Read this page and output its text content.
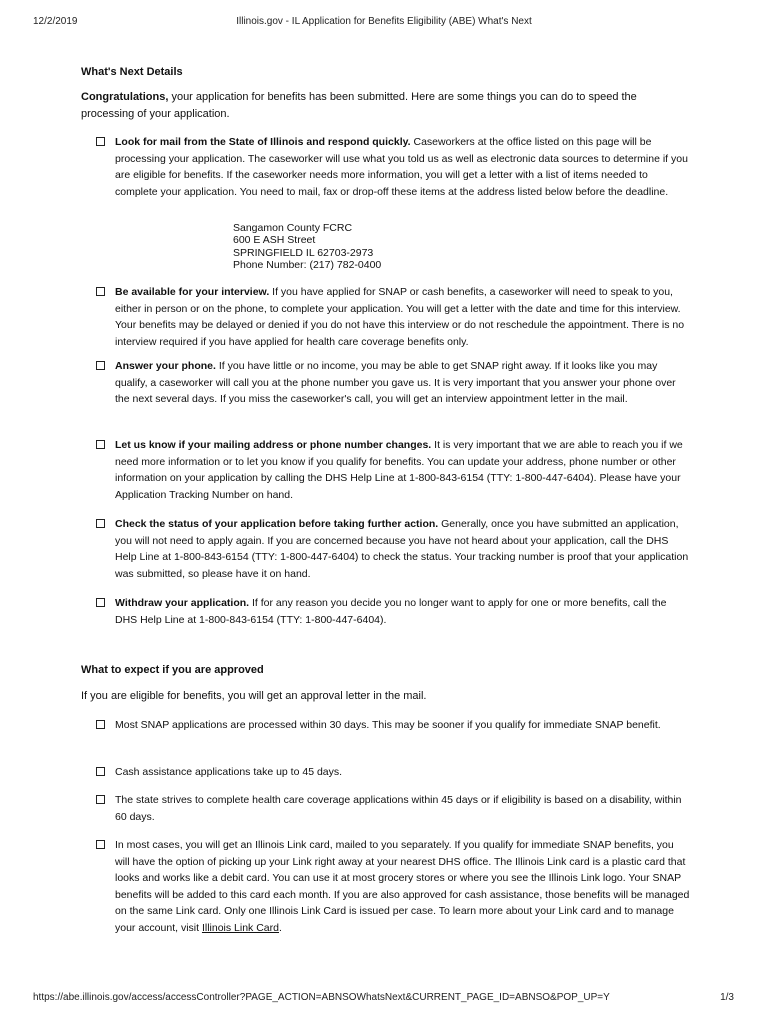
12/2/2019	Illinois.gov - IL Application for Benefits Eligibility (ABE) What's Next
What's Next Details
Congratulations, your application for benefits has been submitted. Here are some things you can do to speed the processing of your application.
Look for mail from the State of Illinois and respond quickly. Caseworkers at the office listed on this page will be processing your application. The caseworker will use what you told us as well as electronic data sources to determine if you are eligible for benefits. If the caseworker needs more information, you will get a letter with a list of items needed to complete your application. You need to mail, fax or drop-off these items at the address listed below before the deadline.
Sangamon County FCRC
600 E ASH Street
SPRINGFIELD IL 62703-2973
Phone Number: (217) 782-0400
Be available for your interview. If you have applied for SNAP or cash benefits, a caseworker will need to speak to you, either in person or on the phone, to complete your application. You will get a letter with the date and time for this interview. Your benefits may be delayed or denied if you do not have this interview or do not reschedule the appointment. There is no interview required if you have applied for health care coverage benefits only.
Answer your phone. If you have little or no income, you may be able to get SNAP right away. If it looks like you may qualify, a caseworker will call you at the phone number you gave us. It is very important that you answer your phone over the next several days. If you miss the caseworker's call, you will get an interview appointment letter in the mail.
Let us know if your mailing address or phone number changes. It is very important that we are able to reach you if we need more information or to let you know if you qualify for benefits. You can update your address, phone number or other information on your application by calling the DHS Help Line at 1-800-843-6154 (TTY: 1-800-447-6404). Please have your Application Tracking Number on hand.
Check the status of your application before taking further action. Generally, once you have submitted an application, you will not need to apply again. If you are concerned because you have not heard about your application, call the DHS Help Line at 1-800-843-6154 (TTY: 1-800-447-6404) to check the status. Your tracking number is proof that your application was submitted, so please have it on hand.
Withdraw your application. If for any reason you decide you no longer want to apply for one or more benefits, call the DHS Help Line at 1-800-843-6154 (TTY: 1-800-447-6404).
What to expect if you are approved
If you are eligible for benefits, you will get an approval letter in the mail.
Most SNAP applications are processed within 30 days. This may be sooner if you qualify for immediate SNAP benefit.
Cash assistance applications take up to 45 days.
The state strives to complete health care coverage applications within 45 days or if eligibility is based on a disability, within 60 days.
In most cases, you will get an Illinois Link card, mailed to you separately. If you qualify for immediate SNAP benefits, you will have the option of picking up your Link right away at your nearest DHS office. The Illinois Link card is a plastic card that looks and works like a debit card. You can use it at most grocery stores or where you see the Illinois Link logo. Your SNAP benefits will be added to this card each month. If you are also approved for cash assistance, those benefits will be managed on the same Link card. Only one Illinois Link Card is issued per case. To learn more about your Link card and to manage your account, visit Illinois Link Card.
https://abe.illinois.gov/access/accessController?PAGE_ACTION=ABNSOWhatsNext&CURRENT_PAGE_ID=ABNSO&POP_UP=Y	1/3
